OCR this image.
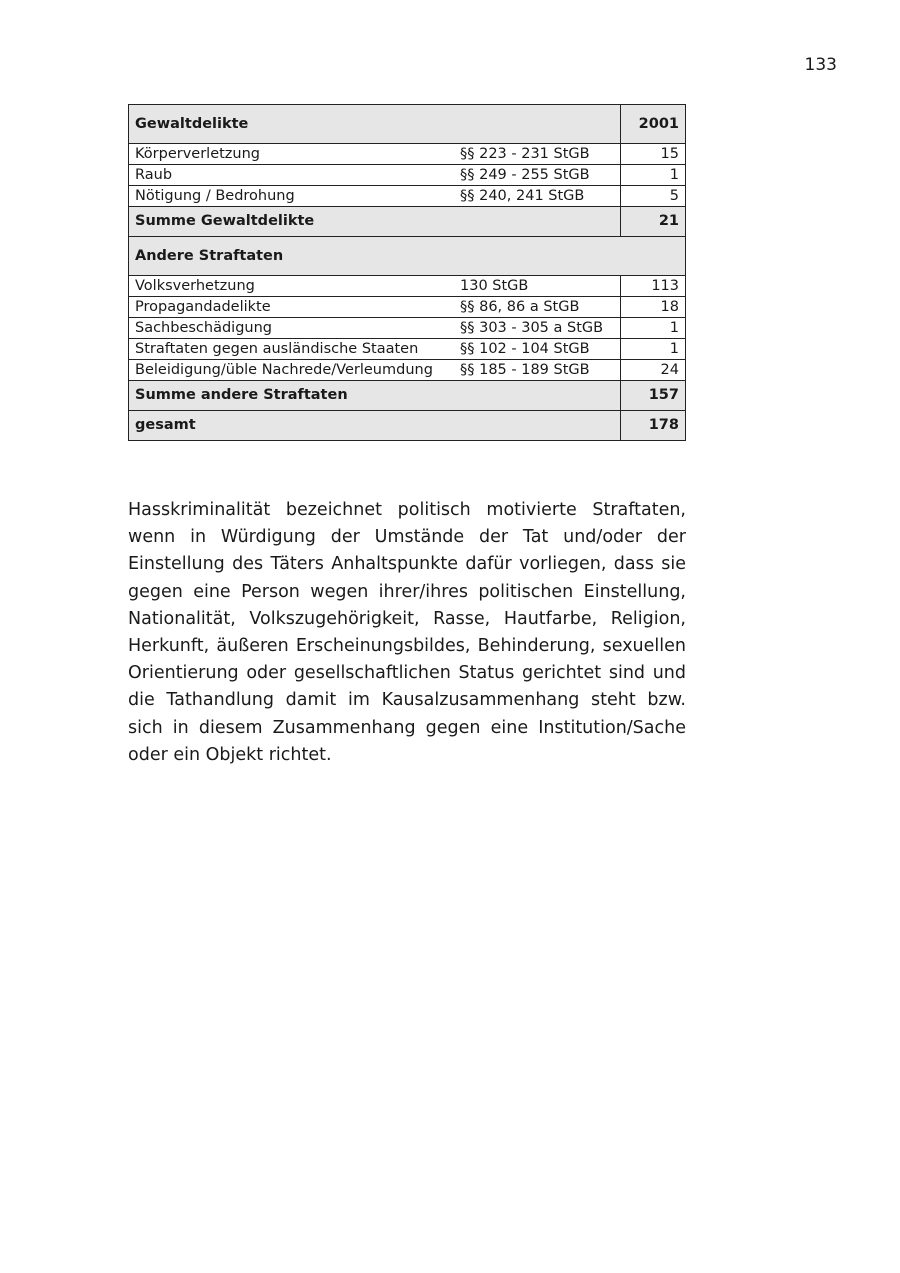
133
Gewaltdelikte		2001
Körperverletzung	§§ 223 - 231 StGB	15
Raub	§§ 249 - 255 StGB	1
Nötigung / Bedrohung	§§ 240, 241 StGB	5
Summe Gewaltdelikte		21
Andere Straftaten		
Volksverhetzung	130 StGB	113
Propagandadelikte	§§ 86, 86 a StGB	18
Sachbeschädigung	§§ 303 - 305 a StGB	1
Straftaten gegen ausländische Staaten	§§ 102 - 104 StGB	1
Beleidigung/üble Nachrede/Verleumdung	§§ 185 - 189 StGB	24
Summe andere Straftaten		157
gesamt		178

Hasskriminalität bezeichnet politisch motivierte Straftaten, wenn in Würdigung der Umstände der Tat und/oder der Einstellung des Täters Anhaltspunkte dafür vorliegen, dass sie gegen eine Person wegen ihrer/ihres politischen Einstellung, Nationalität, Volkszugehörigkeit, Rasse, Hautfarbe, Religion, Herkunft, äußeren Erscheinungsbildes, Behinderung, sexuellen Orientierung oder gesellschaftlichen Status gerichtet sind und die Tathandlung damit im Kausalzusammenhang steht bzw. sich in diesem Zusammenhang gegen eine Institution/Sache oder ein Objekt richtet.
